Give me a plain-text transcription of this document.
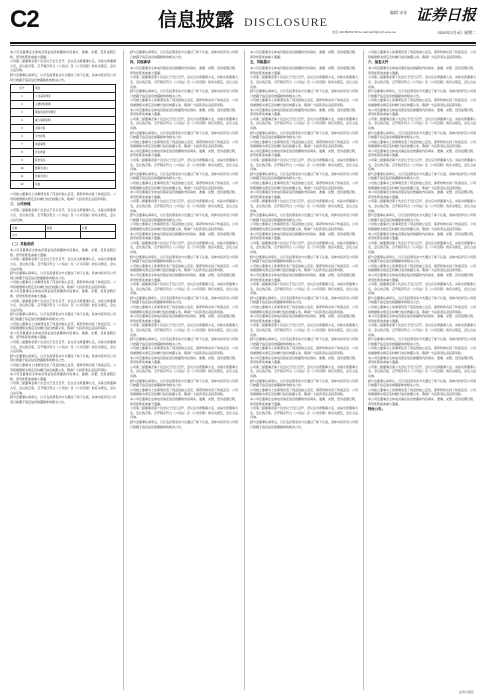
C2	信息披露 DISCLOSURE
编辑 宋亮 证券日报
电话 010-83251730 E-mail:zqrb9@zqrb.sina.net	2020年2月4日 星期二

本公司及董事会全体成员保证信息披露的内容真实、准确、完整，没有虚假记载、误导性陈述或重大遗漏。

公司第二届董事会第十次会议于近日召开，会议应出席董事九名，实际出席董事九名，会议的召集、召开程序符合《公司法》及《公司章程》的有关规定，会议合法有效。

经与会董事认真审议，以记名投票表决方式通过了如下议案，具体内容详见公司同日披露于指定信息披露媒体的相关公告。

序号	项目
1	公司基本情况
2	主要财务数据
3	募集资金使用情况
4	重大事项说明
5	关联交易
6	对外担保
7	承诺事项
8	诉讼仲裁
9	股份变动
10	董事会决议
11	监事会决议
12	其他

公司独立董事对上述事项发表了同意的独立意见，保荐机构出具了核查意见。公司将根据相关规定及时履行信息披露义务，敬请广大投资者注意投资风险。

三、公司治理

公司第二届董事会第十次会议于近日召开，会议应出席董事九名，实际出席董事九名，会议的召集、召开程序符合《公司法》及《公司章程》的有关规定，会议合法有效。

名称	数量	比例
合计		
（二）其他说明

本公司及董事会全体成员保证信息披露的内容真实、准确、完整，没有虚假记载、误导性陈述或重大遗漏。

公司第二届董事会第十次会议于近日召开，会议应出席董事九名，实际出席董事九名，会议的召集、召开程序符合《公司法》及《公司章程》的有关规定，会议合法有效。

经与会董事认真审议，以记名投票表决方式通过了如下议案，具体内容详见公司同日披露于指定信息披露媒体的相关公告。

公司独立董事对上述事项发表了同意的独立意见，保荐机构出具了核查意见。公司将根据相关规定及时履行信息披露义务，敬请广大投资者注意投资风险。

本公司及董事会全体成员保证信息披露的内容真实、准确、完整，没有虚假记载、误导性陈述或重大遗漏。

公司第二届董事会第十次会议于近日召开，会议应出席董事九名，实际出席董事九名，会议的召集、召开程序符合《公司法》及《公司章程》的有关规定，会议合法有效。

经与会董事认真审议，以记名投票表决方式通过了如下议案，具体内容详见公司同日披露于指定信息披露媒体的相关公告。

公司独立董事对上述事项发表了同意的独立意见，保荐机构出具了核查意见。公司将根据相关规定及时履行信息披露义务，敬请广大投资者注意投资风险。

本公司及董事会全体成员保证信息披露的内容真实、准确、完整，没有虚假记载、误导性陈述或重大遗漏。

公司第二届董事会第十次会议于近日召开，会议应出席董事九名，实际出席董事九名，会议的召集、召开程序符合《公司法》及《公司章程》的有关规定，会议合法有效。

经与会董事认真审议，以记名投票表决方式通过了如下议案，具体内容详见公司同日披露于指定信息披露媒体的相关公告。

公司独立董事对上述事项发表了同意的独立意见，保荐机构出具了核查意见。公司将根据相关规定及时履行信息披露义务，敬请广大投资者注意投资风险。

本公司及董事会全体成员保证信息披露的内容真实、准确、完整，没有虚假记载、误导性陈述或重大遗漏。

公司第二届董事会第十次会议于近日召开，会议应出席董事九名，实际出席董事九名，会议的召集、召开程序符合《公司法》及《公司章程》的有关规定，会议合法有效。

经与会董事认真审议，以记名投票表决方式通过了如下议案，具体内容详见公司同日披露于指定信息披露媒体的相关公告。

经与会董事认真审议，以记名投票表决方式通过了如下议案，具体内容详见公司同日披露于指定信息披露媒体的相关公告。

四、其他事项

本公司及董事会全体成员保证信息披露的内容真实、准确、完整，没有虚假记载、误导性陈述或重大遗漏。

公司第二届董事会第十次会议于近日召开，会议应出席董事九名，实际出席董事九名，会议的召集、召开程序符合《公司法》及《公司章程》的有关规定，会议合法有效。

经与会董事认真审议，以记名投票表决方式通过了如下议案，具体内容详见公司同日披露于指定信息披露媒体的相关公告。

公司独立董事对上述事项发表了同意的独立意见，保荐机构出具了核查意见。公司将根据相关规定及时履行信息披露义务，敬请广大投资者注意投资风险。

本公司及董事会全体成员保证信息披露的内容真实、准确、完整，没有虚假记载、误导性陈述或重大遗漏。

公司第二届董事会第十次会议于近日召开，会议应出席董事九名，实际出席董事九名，会议的召集、召开程序符合《公司法》及《公司章程》的有关规定，会议合法有效。

经与会董事认真审议，以记名投票表决方式通过了如下议案，具体内容详见公司同日披露于指定信息披露媒体的相关公告。

公司独立董事对上述事项发表了同意的独立意见，保荐机构出具了核查意见。公司将根据相关规定及时履行信息披露义务，敬请广大投资者注意投资风险。

本公司及董事会全体成员保证信息披露的内容真实、准确、完整，没有虚假记载、误导性陈述或重大遗漏。

公司第二届董事会第十次会议于近日召开，会议应出席董事九名，实际出席董事九名，会议的召集、召开程序符合《公司法》及《公司章程》的有关规定，会议合法有效。

经与会董事认真审议，以记名投票表决方式通过了如下议案，具体内容详见公司同日披露于指定信息披露媒体的相关公告。

公司独立董事对上述事项发表了同意的独立意见，保荐机构出具了核查意见。公司将根据相关规定及时履行信息披露义务，敬请广大投资者注意投资风险。

本公司及董事会全体成员保证信息披露的内容真实、准确、完整，没有虚假记载、误导性陈述或重大遗漏。

公司第二届董事会第十次会议于近日召开，会议应出席董事九名，实际出席董事九名，会议的召集、召开程序符合《公司法》及《公司章程》的有关规定，会议合法有效。

经与会董事认真审议，以记名投票表决方式通过了如下议案，具体内容详见公司同日披露于指定信息披露媒体的相关公告。

公司独立董事对上述事项发表了同意的独立意见，保荐机构出具了核查意见。公司将根据相关规定及时履行信息披露义务，敬请广大投资者注意投资风险。

本公司及董事会全体成员保证信息披露的内容真实、准确、完整，没有虚假记载、误导性陈述或重大遗漏。

公司第二届董事会第十次会议于近日召开，会议应出席董事九名，实际出席董事九名，会议的召集、召开程序符合《公司法》及《公司章程》的有关规定，会议合法有效。

经与会董事认真审议，以记名投票表决方式通过了如下议案，具体内容详见公司同日披露于指定信息披露媒体的相关公告。

公司独立董事对上述事项发表了同意的独立意见，保荐机构出具了核查意见。公司将根据相关规定及时履行信息披露义务，敬请广大投资者注意投资风险。

本公司及董事会全体成员保证信息披露的内容真实、准确、完整，没有虚假记载、误导性陈述或重大遗漏。

公司第二届董事会第十次会议于近日召开，会议应出席董事九名，实际出席董事九名，会议的召集、召开程序符合《公司法》及《公司章程》的有关规定，会议合法有效。

经与会董事认真审议，以记名投票表决方式通过了如下议案，具体内容详见公司同日披露于指定信息披露媒体的相关公告。

公司独立董事对上述事项发表了同意的独立意见，保荐机构出具了核查意见。公司将根据相关规定及时履行信息披露义务，敬请广大投资者注意投资风险。

本公司及董事会全体成员保证信息披露的内容真实、准确、完整，没有虚假记载、误导性陈述或重大遗漏。

公司第二届董事会第十次会议于近日召开，会议应出席董事九名，实际出席董事九名，会议的召集、召开程序符合《公司法》及《公司章程》的有关规定，会议合法有效。

经与会董事认真审议，以记名投票表决方式通过了如下议案，具体内容详见公司同日披露于指定信息披露媒体的相关公告。

公司独立董事对上述事项发表了同意的独立意见，保荐机构出具了核查意见。公司将根据相关规定及时履行信息披露义务，敬请广大投资者注意投资风险。

本公司及董事会全体成员保证信息披露的内容真实、准确、完整，没有虚假记载、误导性陈述或重大遗漏。

公司第二届董事会第十次会议于近日召开，会议应出席董事九名，实际出席董事九名，会议的召集、召开程序符合《公司法》及《公司章程》的有关规定，会议合法有效。

经与会董事认真审议，以记名投票表决方式通过了如下议案，具体内容详见公司同日披露于指定信息披露媒体的相关公告。

公司独立董事对上述事项发表了同意的独立意见，保荐机构出具了核查意见。公司将根据相关规定及时履行信息披露义务，敬请广大投资者注意投资风险。

本公司及董事会全体成员保证信息披露的内容真实、准确、完整，没有虚假记载、误导性陈述或重大遗漏。

公司第二届董事会第十次会议于近日召开，会议应出席董事九名，实际出席董事九名，会议的召集、召开程序符合《公司法》及《公司章程》的有关规定，会议合法有效。

经与会董事认真审议，以记名投票表决方式通过了如下议案，具体内容详见公司同日披露于指定信息披露媒体的相关公告。

本公司及董事会全体成员保证信息披露的内容真实、准确、完整，没有虚假记载、误导性陈述或重大遗漏。

五、风险提示

本公司及董事会全体成员保证信息披露的内容真实、准确、完整，没有虚假记载、误导性陈述或重大遗漏。

公司第二届董事会第十次会议于近日召开，会议应出席董事九名，实际出席董事九名，会议的召集、召开程序符合《公司法》及《公司章程》的有关规定，会议合法有效。

经与会董事认真审议，以记名投票表决方式通过了如下议案，具体内容详见公司同日披露于指定信息披露媒体的相关公告。

公司独立董事对上述事项发表了同意的独立意见，保荐机构出具了核查意见。公司将根据相关规定及时履行信息披露义务，敬请广大投资者注意投资风险。

本公司及董事会全体成员保证信息披露的内容真实、准确、完整，没有虚假记载、误导性陈述或重大遗漏。

公司第二届董事会第十次会议于近日召开，会议应出席董事九名，实际出席董事九名，会议的召集、召开程序符合《公司法》及《公司章程》的有关规定，会议合法有效。

经与会董事认真审议，以记名投票表决方式通过了如下议案，具体内容详见公司同日披露于指定信息披露媒体的相关公告。

公司独立董事对上述事项发表了同意的独立意见，保荐机构出具了核查意见。公司将根据相关规定及时履行信息披露义务，敬请广大投资者注意投资风险。

本公司及董事会全体成员保证信息披露的内容真实、准确、完整，没有虚假记载、误导性陈述或重大遗漏。

公司第二届董事会第十次会议于近日召开，会议应出席董事九名，实际出席董事九名，会议的召集、召开程序符合《公司法》及《公司章程》的有关规定，会议合法有效。

经与会董事认真审议，以记名投票表决方式通过了如下议案，具体内容详见公司同日披露于指定信息披露媒体的相关公告。

公司独立董事对上述事项发表了同意的独立意见，保荐机构出具了核查意见。公司将根据相关规定及时履行信息披露义务，敬请广大投资者注意投资风险。

本公司及董事会全体成员保证信息披露的内容真实、准确、完整，没有虚假记载、误导性陈述或重大遗漏。

公司第二届董事会第十次会议于近日召开，会议应出席董事九名，实际出席董事九名，会议的召集、召开程序符合《公司法》及《公司章程》的有关规定，会议合法有效。

经与会董事认真审议，以记名投票表决方式通过了如下议案，具体内容详见公司同日披露于指定信息披露媒体的相关公告。

公司独立董事对上述事项发表了同意的独立意见，保荐机构出具了核查意见。公司将根据相关规定及时履行信息披露义务，敬请广大投资者注意投资风险。

本公司及董事会全体成员保证信息披露的内容真实、准确、完整，没有虚假记载、误导性陈述或重大遗漏。

公司第二届董事会第十次会议于近日召开，会议应出席董事九名，实际出席董事九名，会议的召集、召开程序符合《公司法》及《公司章程》的有关规定，会议合法有效。

经与会董事认真审议，以记名投票表决方式通过了如下议案，具体内容详见公司同日披露于指定信息披露媒体的相关公告。

公司独立董事对上述事项发表了同意的独立意见，保荐机构出具了核查意见。公司将根据相关规定及时履行信息披露义务，敬请广大投资者注意投资风险。

本公司及董事会全体成员保证信息披露的内容真实、准确、完整，没有虚假记载、误导性陈述或重大遗漏。

公司第二届董事会第十次会议于近日召开，会议应出席董事九名，实际出席董事九名，会议的召集、召开程序符合《公司法》及《公司章程》的有关规定，会议合法有效。

经与会董事认真审议，以记名投票表决方式通过了如下议案，具体内容详见公司同日披露于指定信息披露媒体的相关公告。

公司独立董事对上述事项发表了同意的独立意见，保荐机构出具了核查意见。公司将根据相关规定及时履行信息披露义务，敬请广大投资者注意投资风险。

本公司及董事会全体成员保证信息披露的内容真实、准确、完整，没有虚假记载、误导性陈述或重大遗漏。

公司第二届董事会第十次会议于近日召开，会议应出席董事九名，实际出席董事九名，会议的召集、召开程序符合《公司法》及《公司章程》的有关规定，会议合法有效。

经与会董事认真审议，以记名投票表决方式通过了如下议案，具体内容详见公司同日披露于指定信息披露媒体的相关公告。

公司独立董事对上述事项发表了同意的独立意见，保荐机构出具了核查意见。公司将根据相关规定及时履行信息披露义务，敬请广大投资者注意投资风险。

本公司及董事会全体成员保证信息披露的内容真实、准确、完整，没有虚假记载、误导性陈述或重大遗漏。

公司第二届董事会第十次会议于近日召开，会议应出席董事九名，实际出席董事九名，会议的召集、召开程序符合《公司法》及《公司章程》的有关规定，会议合法有效。

经与会董事认真审议，以记名投票表决方式通过了如下议案，具体内容详见公司同日披露于指定信息披露媒体的相关公告。

公司独立董事对上述事项发表了同意的独立意见，保荐机构出具了核查意见。公司将根据相关规定及时履行信息披露义务，敬请广大投资者注意投资风险。

本公司及董事会全体成员保证信息披露的内容真实、准确、完整，没有虚假记载、误导性陈述或重大遗漏。

公司第二届董事会第十次会议于近日召开，会议应出席董事九名，实际出席董事九名，会议的召集、召开程序符合《公司法》及《公司章程》的有关规定，会议合法有效。

经与会董事认真审议，以记名投票表决方式通过了如下议案，具体内容详见公司同日披露于指定信息披露媒体的相关公告。

公司独立董事对上述事项发表了同意的独立意见，保荐机构出具了核查意见。公司将根据相关规定及时履行信息披露义务，敬请广大投资者注意投资风险。

六、备查文件

本公司及董事会全体成员保证信息披露的内容真实、准确、完整，没有虚假记载、误导性陈述或重大遗漏。

公司第二届董事会第十次会议于近日召开，会议应出席董事九名，实际出席董事九名，会议的召集、召开程序符合《公司法》及《公司章程》的有关规定，会议合法有效。

经与会董事认真审议，以记名投票表决方式通过了如下议案，具体内容详见公司同日披露于指定信息披露媒体的相关公告。

公司独立董事对上述事项发表了同意的独立意见，保荐机构出具了核查意见。公司将根据相关规定及时履行信息披露义务，敬请广大投资者注意投资风险。

本公司及董事会全体成员保证信息披露的内容真实、准确、完整，没有虚假记载、误导性陈述或重大遗漏。

公司第二届董事会第十次会议于近日召开，会议应出席董事九名，实际出席董事九名，会议的召集、召开程序符合《公司法》及《公司章程》的有关规定，会议合法有效。

经与会董事认真审议，以记名投票表决方式通过了如下议案，具体内容详见公司同日披露于指定信息披露媒体的相关公告。

公司独立董事对上述事项发表了同意的独立意见，保荐机构出具了核查意见。公司将根据相关规定及时履行信息披露义务，敬请广大投资者注意投资风险。

本公司及董事会全体成员保证信息披露的内容真实、准确、完整，没有虚假记载、误导性陈述或重大遗漏。

公司第二届董事会第十次会议于近日召开，会议应出席董事九名，实际出席董事九名，会议的召集、召开程序符合《公司法》及《公司章程》的有关规定，会议合法有效。

经与会董事认真审议，以记名投票表决方式通过了如下议案，具体内容详见公司同日披露于指定信息披露媒体的相关公告。

公司独立董事对上述事项发表了同意的独立意见，保荐机构出具了核查意见。公司将根据相关规定及时履行信息披露义务，敬请广大投资者注意投资风险。

本公司及董事会全体成员保证信息披露的内容真实、准确、完整，没有虚假记载、误导性陈述或重大遗漏。

公司第二届董事会第十次会议于近日召开，会议应出席董事九名，实际出席董事九名，会议的召集、召开程序符合《公司法》及《公司章程》的有关规定，会议合法有效。

经与会董事认真审议，以记名投票表决方式通过了如下议案，具体内容详见公司同日披露于指定信息披露媒体的相关公告。

公司独立董事对上述事项发表了同意的独立意见，保荐机构出具了核查意见。公司将根据相关规定及时履行信息披露义务，敬请广大投资者注意投资风险。

本公司及董事会全体成员保证信息披露的内容真实、准确、完整，没有虚假记载、误导性陈述或重大遗漏。

公司第二届董事会第十次会议于近日召开，会议应出席董事九名，实际出席董事九名，会议的召集、召开程序符合《公司法》及《公司章程》的有关规定，会议合法有效。

经与会董事认真审议，以记名投票表决方式通过了如下议案，具体内容详见公司同日披露于指定信息披露媒体的相关公告。

公司独立董事对上述事项发表了同意的独立意见，保荐机构出具了核查意见。公司将根据相关规定及时履行信息披露义务，敬请广大投资者注意投资风险。

本公司及董事会全体成员保证信息披露的内容真实、准确、完整，没有虚假记载、误导性陈述或重大遗漏。

公司第二届董事会第十次会议于近日召开，会议应出席董事九名，实际出席董事九名，会议的召集、召开程序符合《公司法》及《公司章程》的有关规定，会议合法有效。

经与会董事认真审议，以记名投票表决方式通过了如下议案，具体内容详见公司同日披露于指定信息披露媒体的相关公告。

公司独立董事对上述事项发表了同意的独立意见，保荐机构出具了核查意见。公司将根据相关规定及时履行信息披露义务，敬请广大投资者注意投资风险。

本公司及董事会全体成员保证信息披露的内容真实、准确、完整，没有虚假记载、误导性陈述或重大遗漏。

公司第二届董事会第十次会议于近日召开，会议应出席董事九名，实际出席董事九名，会议的召集、召开程序符合《公司法》及《公司章程》的有关规定，会议合法有效。

经与会董事认真审议，以记名投票表决方式通过了如下议案，具体内容详见公司同日披露于指定信息披露媒体的相关公告。

公司独立董事对上述事项发表了同意的独立意见，保荐机构出具了核查意见。公司将根据相关规定及时履行信息披露义务，敬请广大投资者注意投资风险。

本公司及董事会全体成员保证信息披露的内容真实、准确、完整，没有虚假记载、误导性陈述或重大遗漏。

公司第二届董事会第十次会议于近日召开，会议应出席董事九名，实际出席董事九名，会议的召集、召开程序符合《公司法》及《公司章程》的有关规定，会议合法有效。

经与会董事认真审议，以记名投票表决方式通过了如下议案，具体内容详见公司同日披露于指定信息披露媒体的相关公告。

公司独立董事对上述事项发表了同意的独立意见，保荐机构出具了核查意见。公司将根据相关规定及时履行信息披露义务，敬请广大投资者注意投资风险。

本公司及董事会全体成员保证信息披露的内容真实、准确、完整，没有虚假记载、误导性陈述或重大遗漏。

特此公告。
证券日报社
